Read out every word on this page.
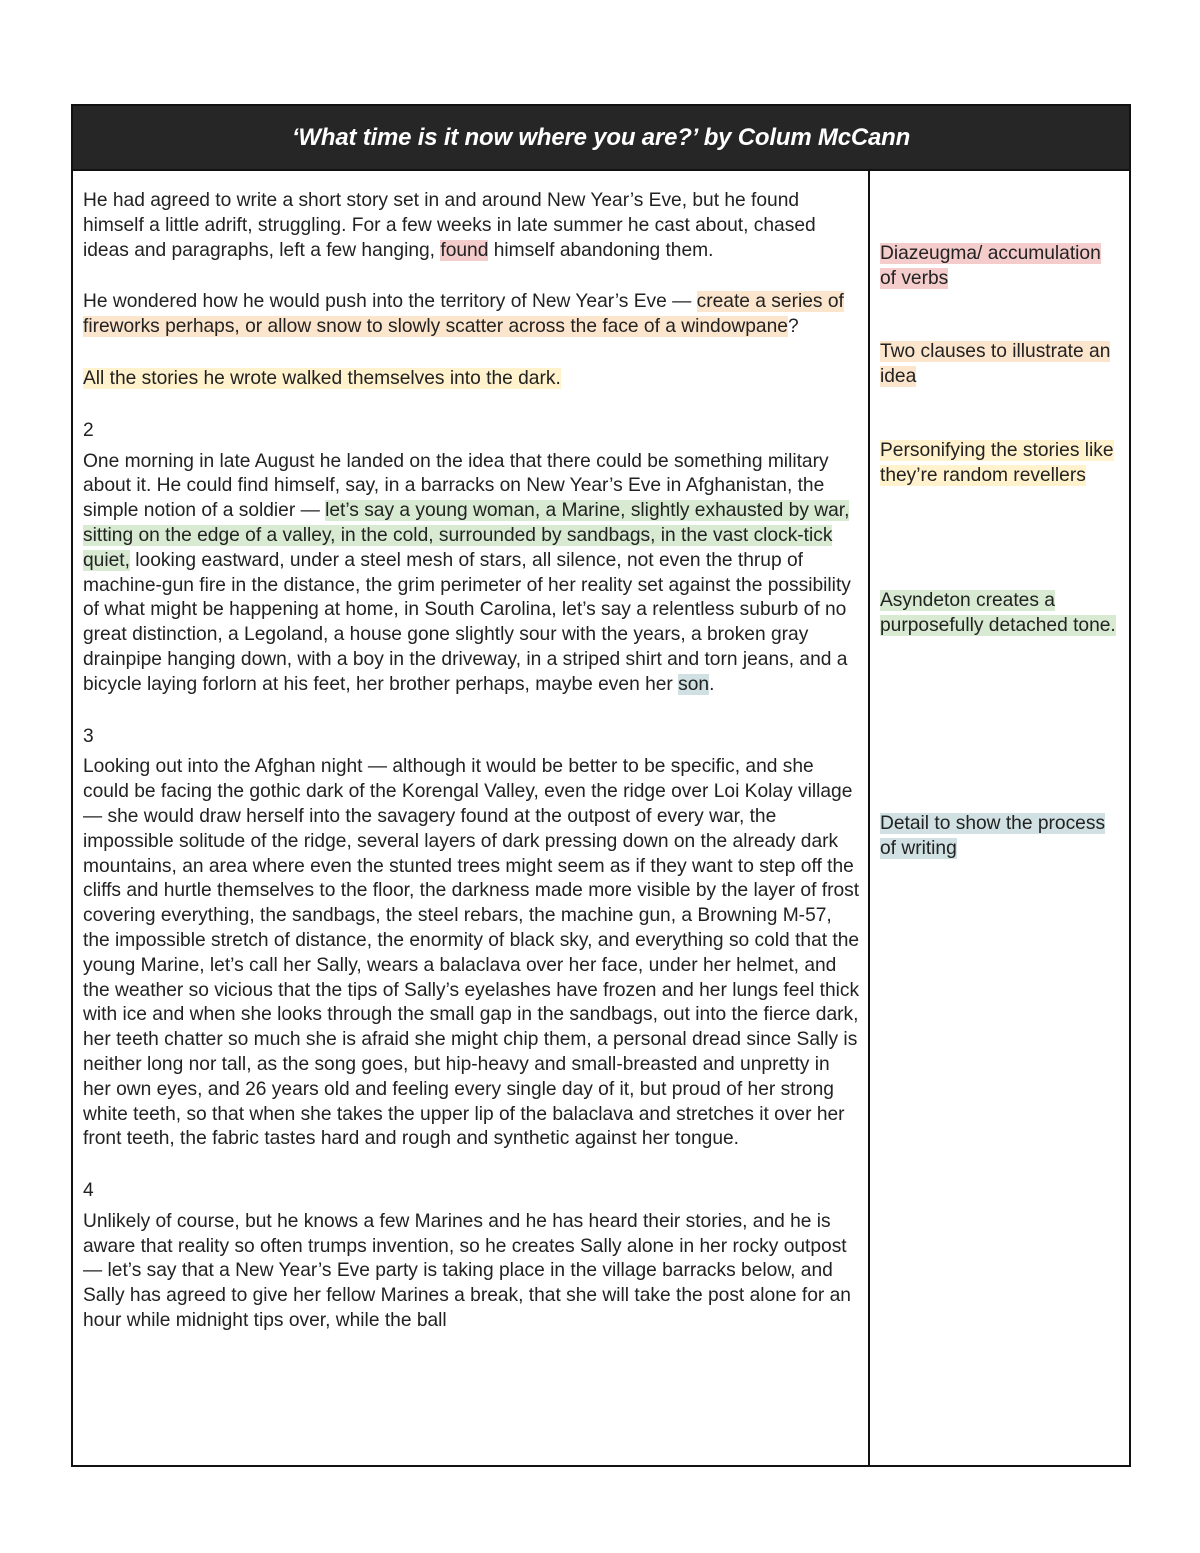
‘What time is it now where you are?’ by Colum McCann

He had agreed to write a short story set in and around New Year’s Eve, but he found himself a little adrift, struggling. For a few weeks in late summer he cast about, chased ideas and paragraphs, left a few hanging, found himself abandoning them.

He wondered how he would push into the territory of New Year’s Eve — create a series of fireworks perhaps, or allow snow to slowly scatter across the face of a windowpane?

All the stories he wrote walked themselves into the dark.

2

One morning in late August he landed on the idea that there could be something military about it. He could find himself, say, in a barracks on New Year’s Eve in Afghanistan, the simple notion of a soldier — let’s say a young woman, a Marine, slightly exhausted by war, sitting on the edge of a valley, in the cold, surrounded by sandbags, in the vast clock-tick quiet, looking eastward, under a steel mesh of stars, all silence, not even the thrup of machine-gun fire in the distance, the grim perimeter of her reality set against the possibility of what might be happening at home, in South Carolina, let’s say a relentless suburb of no great distinction, a Legoland, a house gone slightly sour with the years, a broken gray drainpipe hanging down, with a boy in the driveway, in a striped shirt and torn jeans, and a bicycle laying forlorn at his feet, her brother perhaps, maybe even her son.

3

Looking out into the Afghan night — although it would be better to be specific, and she could be facing the gothic dark of the Korengal Valley, even the ridge over Loi Kolay village — she would draw herself into the savagery found at the outpost of every war, the impossible solitude of the ridge, several layers of dark pressing down on the already dark mountains, an area where even the stunted trees might seem as if they want to step off the cliffs and hurtle themselves to the floor, the darkness made more visible by the layer of frost covering everything, the sandbags, the steel rebars, the machine gun, a Browning M-57, the impossible stretch of distance, the enormity of black sky, and everything so cold that the young Marine, let’s call her Sally, wears a balaclava over her face, under her helmet, and the weather so vicious that the tips of Sally’s eyelashes have frozen and her lungs feel thick with ice and when she looks through the small gap in the sandbags, out into the fierce dark, her teeth chatter so much she is afraid she might chip them, a personal dread since Sally is neither long nor tall, as the song goes, but hip-heavy and small-breasted and unpretty in her own eyes, and 26 years old and feeling every single day of it, but proud of her strong white teeth, so that when she takes the upper lip of the balaclava and stretches it over her front teeth, the fabric tastes hard and rough and synthetic against her tongue.

4

Unlikely of course, but he knows a few Marines and he has heard their stories, and he is aware that reality so often trumps invention, so he creates Sally alone in her rocky outpost — let’s say that a New Year’s Eve party is taking place in the village barracks below, and Sally has agreed to give her fellow Marines a break, that she will take the post alone for an hour while midnight tips over, while the ball

Diazeugma/ accumulation of verbs

Two clauses to illustrate an idea

Personifying the stories like they’re random revellers

Asyndeton creates a purposefully detached tone.

Detail to show the process of writing
